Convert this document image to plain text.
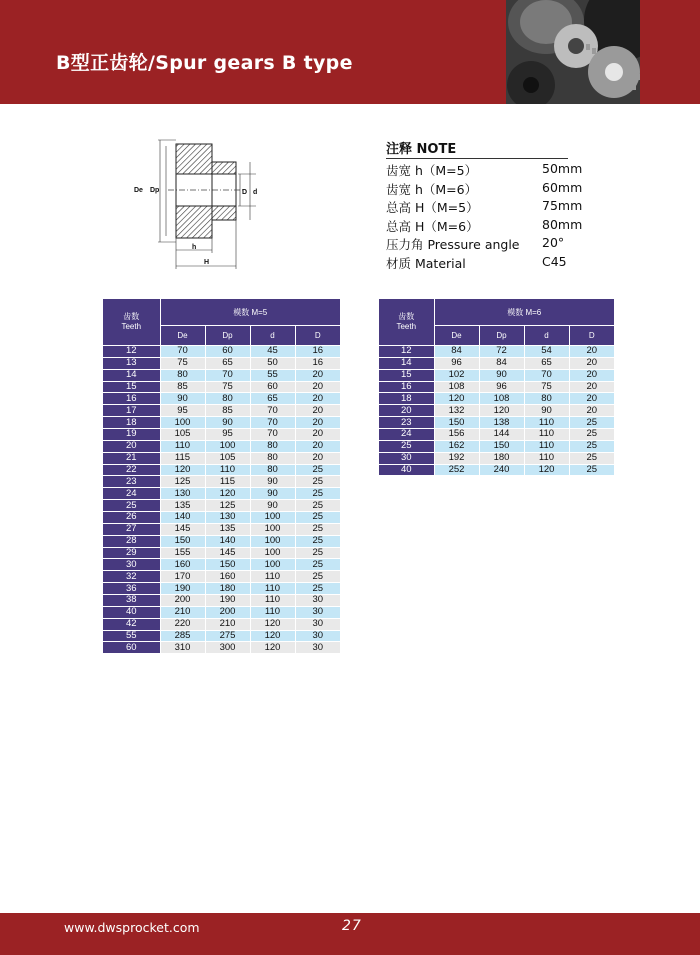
B型正齿轮/Spur gears B type
De Dp	D d
h
H
注释 NOTE
齿宽 h（M=5）	50mm
齿宽 h（M=6）	60mm
总高 H（M=5）	75mm
总高 H（M=6）	80mm
压力角 Pressure angle 20°
材质 Material	C45
齿数
Teeth	模数 M=5			
	De	Dp	d	D
12	70	60	45	16
13	75	65	50	16
14	80	70	55	20
15	85	75	60	20
16	90	80	65	20
17	95	85	70	20
18	100	90	70	20
19	105	95	70	20
20	110	100	80	20
21	115	105	80	20
22	120	110	80	25
23	125	115	90	25
24	130	120	90	25
25	135	125	90	25
26	140	130	100	25
27	145	135	100	25
28	150	140	100	25
29	155	145	100	25
30	160	150	100	25
32	170	160	110	25
36	190	180	110	25
38	200	190	110	30
40	210	200	110	30
42	220	210	120	30
55	285	275	120	30
60	310	300	120	30
齿数
Teeth	模数 M=6			
	De	Dp	d	D
12	84	72	54	20
14	96	84	65	20
15	102	90	70	20
16	108	96	75	20
18	120	108	80	20
20	132	120	90	20
23	150	138	110	25
24	156	144	110	25
25	162	150	110	25
30	192	180	110	25
40	252	240	120	25
www.dwsprocket.com	27
